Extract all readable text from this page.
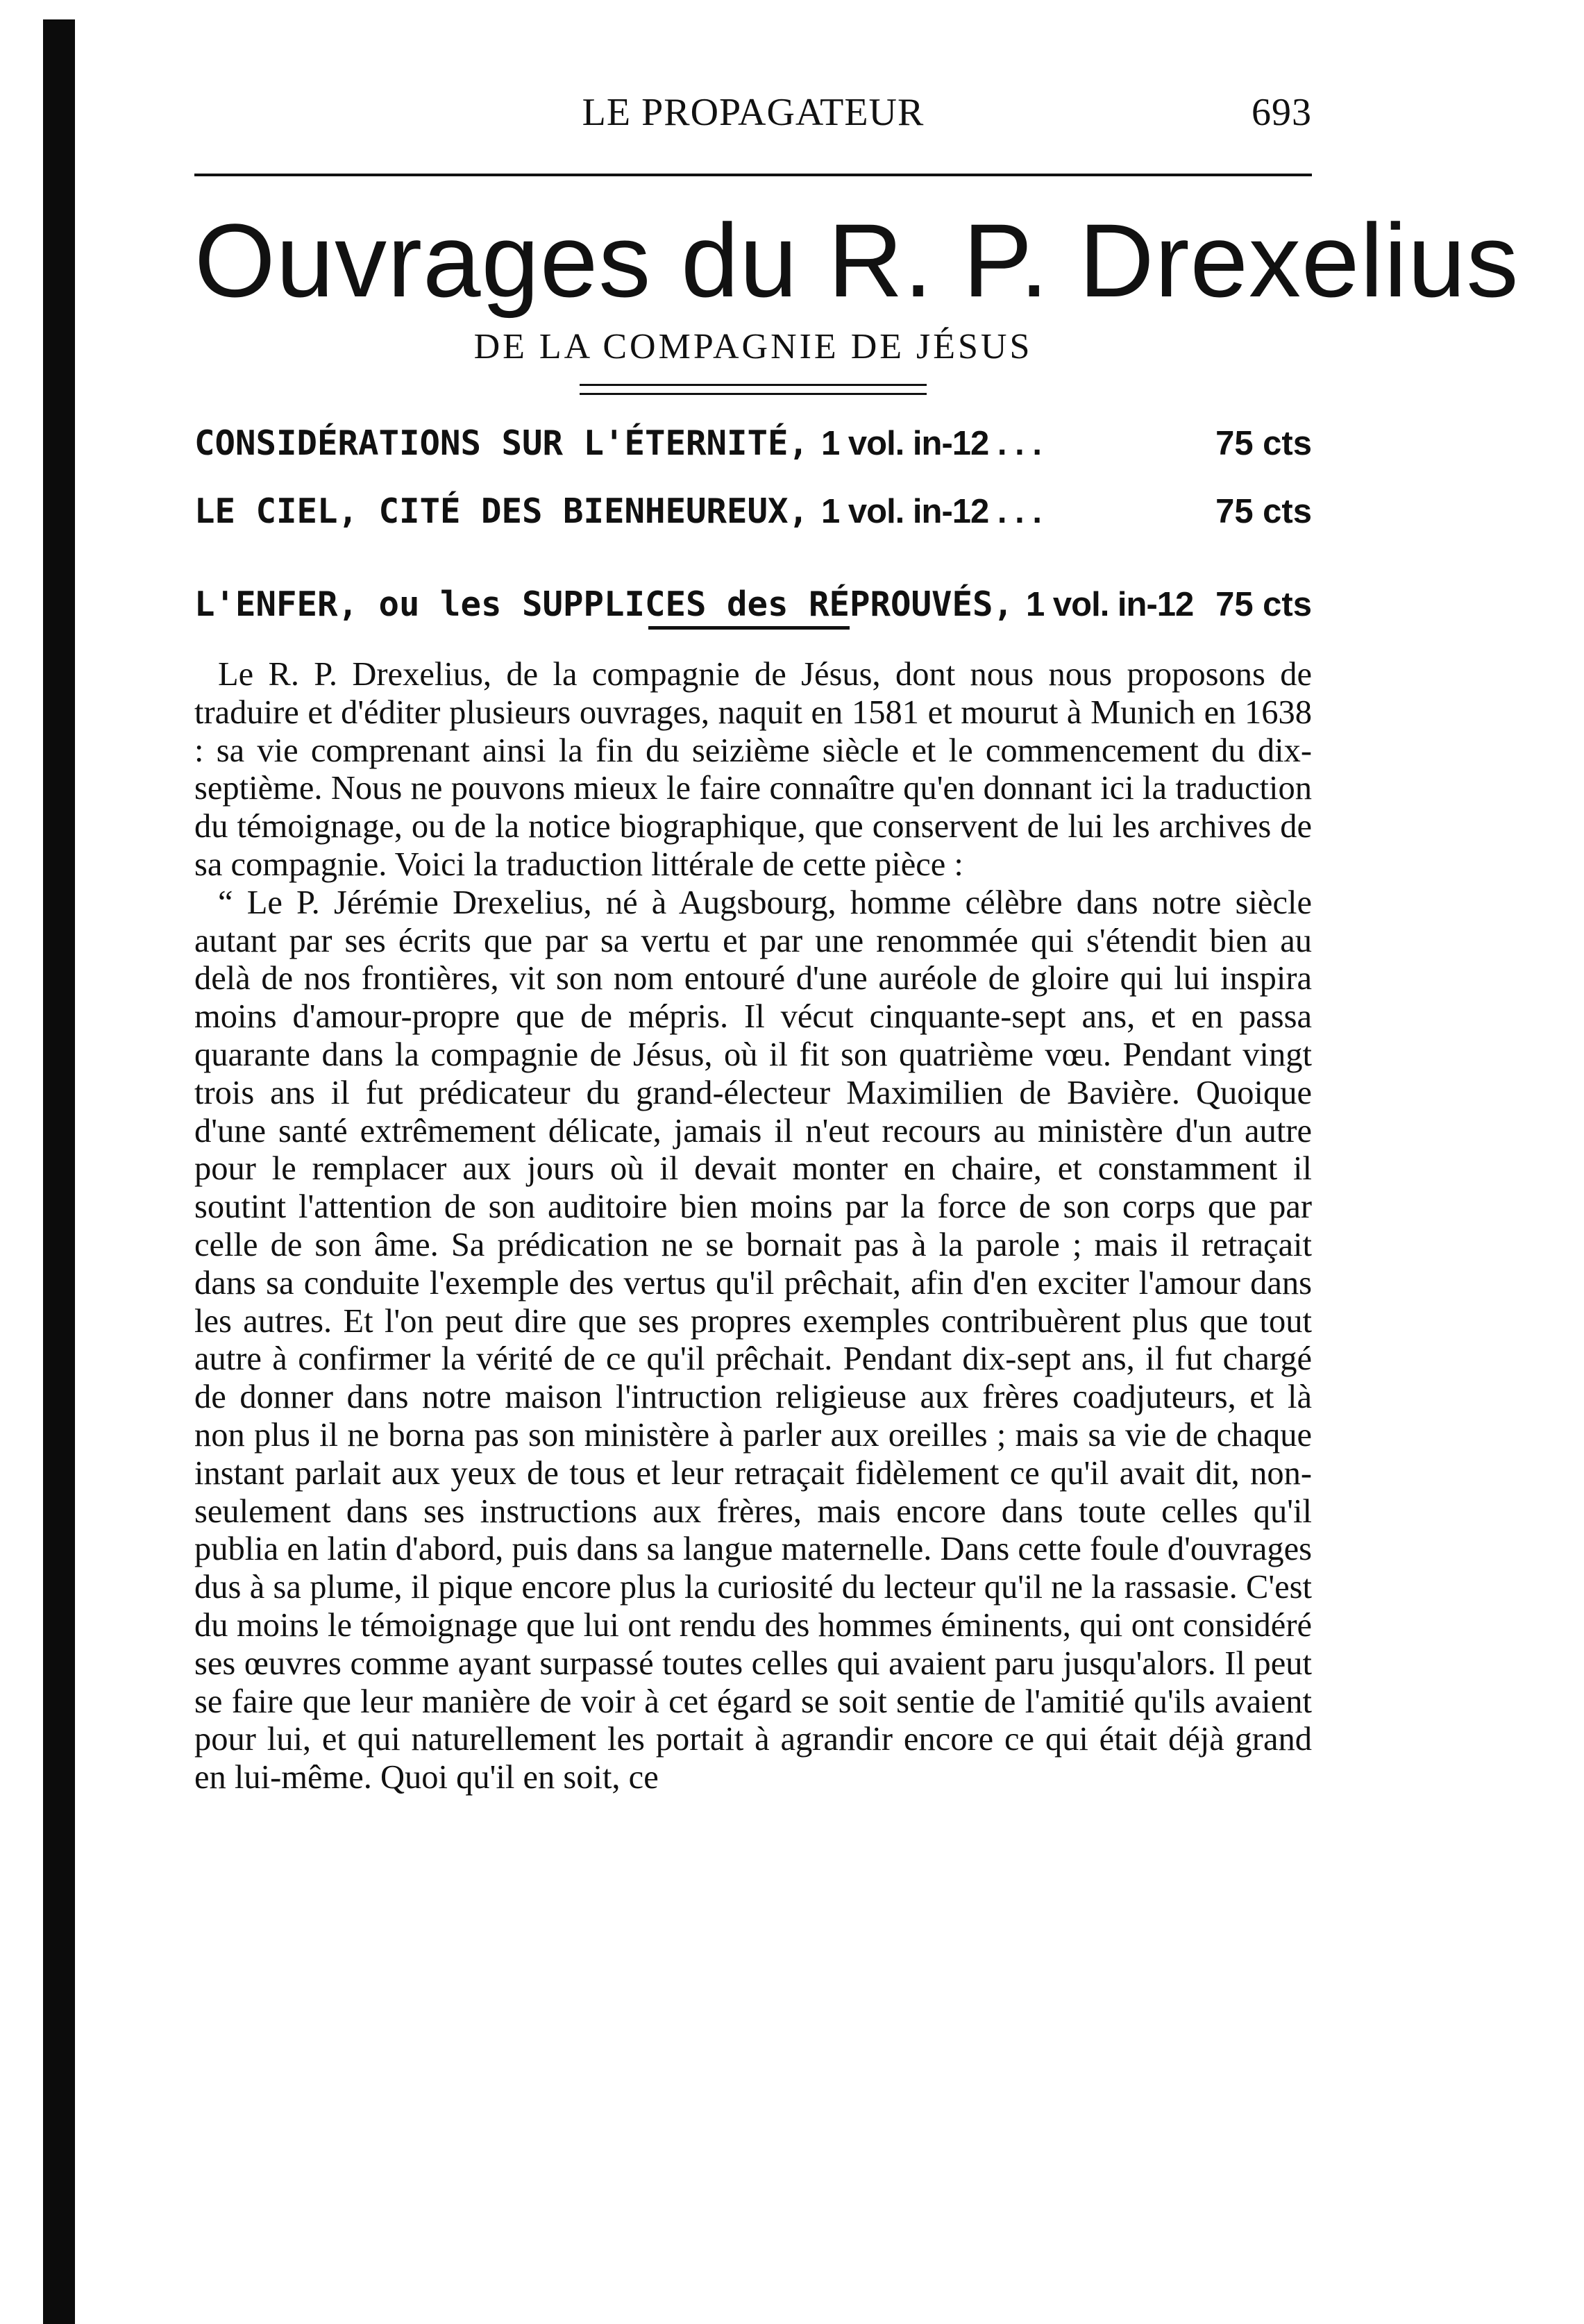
LE PROPAGATEUR	693
Ouvrages du R. P. Drexelius
DE LA COMPAGNIE DE JÉSUS
CONSIDÉRATIONS SUR L'ÉTERNITÉ, 1 vol. in-12 . . .	75 cts
LE CIEL, CITÉ DES BIENHEUREUX, 1 vol. in-12 . . .	75 cts
L'ENFER, ou les SUPPLICES des RÉPROUVÉS, 1 vol. in-12 75 cts

Le R. P. Drexelius, de la compagnie de Jésus, dont nous nous proposons de traduire et d'éditer plusieurs ouvrages, naquit en 1581 et mourut à Munich en 1638 : sa vie comprenant ainsi la fin du seizième siècle et le commencement du dix-septième. Nous ne pouvons mieux le faire connaître qu'en donnant ici la traduction du témoignage, ou de la notice biographique, que conservent de lui les archives de sa compagnie. Voici la traduction littérale de cette pièce :

“ Le P. Jérémie Drexelius, né à Augsbourg, homme célèbre dans notre siècle autant par ses écrits que par sa vertu et par une renommée qui s'étendit bien au delà de nos frontières, vit son nom entouré d'une auréole de gloire qui lui inspira moins d'amour-propre que de mépris. Il vécut cinquante-sept ans, et en passa quarante dans la compagnie de Jésus, où il fit son quatrième vœu. Pendant vingt trois ans il fut prédicateur du grand-électeur Maximilien de Bavière. Quoique d'une santé extrêmement délicate, jamais il n'eut recours au ministère d'un autre pour le remplacer aux jours où il devait monter en chaire, et constamment il soutint l'attention de son auditoire bien moins par la force de son corps que par celle de son âme. Sa prédication ne se bornait pas à la parole ; mais il retraçait dans sa conduite l'exemple des vertus qu'il prêchait, afin d'en exciter l'amour dans les autres. Et l'on peut dire que ses propres exemples contribuèrent plus que tout autre à confirmer la vérité de ce qu'il prêchait. Pendant dix-sept ans, il fut chargé de donner dans notre maison l'intruction religieuse aux frères coadjuteurs, et là non plus il ne borna pas son ministère à parler aux oreilles ; mais sa vie de chaque instant parlait aux yeux de tous et leur retraçait fidèlement ce qu'il avait dit, non-seulement dans ses instructions aux frères, mais encore dans toute celles qu'il publia en latin d'abord, puis dans sa langue maternelle. Dans cette foule d'ouvrages dus à sa plume, il pique encore plus la curiosité du lecteur qu'il ne la rassasie. C'est du moins le témoignage que lui ont rendu des hommes éminents, qui ont considéré ses œuvres comme ayant surpassé toutes celles qui avaient paru jusqu'alors. Il peut se faire que leur manière de voir à cet égard se soit sentie de l'amitié qu'ils avaient pour lui, et qui naturellement les portait à agrandir encore ce qui était déjà grand en lui-même. Quoi qu'il en soit, ce
